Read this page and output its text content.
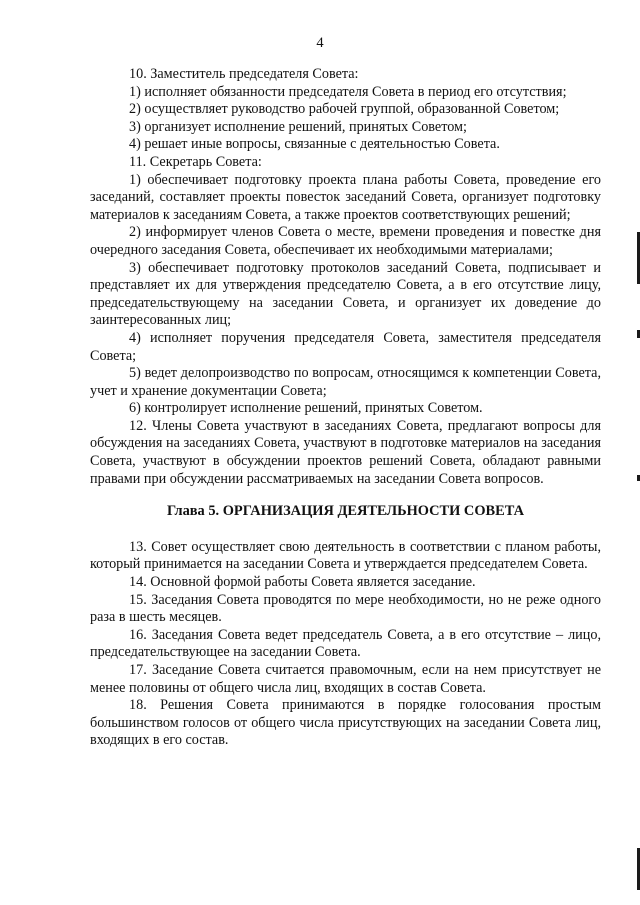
4

10. Заместитель председателя Совета:

1) исполняет обязанности председателя Совета в период его отсутствия;

2) осуществляет руководство рабочей группой, образованной Советом;

3) организует исполнение решений, принятых Советом;

4) решает иные вопросы, связанные с деятельностью Совета.

11. Секретарь Совета:

1) обеспечивает подготовку проекта плана работы Совета, проведение его заседаний, составляет проекты повесток заседаний Совета, организует подготовку материалов к заседаниям Совета, а также проектов соответствующих решений;

2) информирует членов Совета о месте, времени проведения и повестке дня очередного заседания Совета, обеспечивает их необходимыми материалами;

3) обеспечивает подготовку протоколов заседаний Совета, подписывает и представляет их для утверждения председателю Совета, а в его отсутствие лицу, председательствующему на заседании Совета, и организует их доведение до заинтересованных лиц;

4) исполняет поручения председателя Совета, заместителя председателя Совета;

5) ведет делопроизводство по вопросам, относящимся к компетенции Совета, учет и хранение документации Совета;

6) контролирует исполнение решений, принятых Советом.

12. Члены Совета участвуют в заседаниях Совета, предлагают вопросы для обсуждения на заседаниях Совета, участвуют в подготовке материалов на заседания Совета, участвуют в обсуждении проектов решений Совета, обладают равными правами при обсуждении рассматриваемых на заседании Совета вопросов.

Глава 5. ОРГАНИЗАЦИЯ ДЕЯТЕЛЬНОСТИ СОВЕТА

13. Совет осуществляет свою деятельность в соответствии с планом работы, который принимается на заседании Совета и утверждается председателем Совета.

14. Основной формой работы Совета является заседание.

15. Заседания Совета проводятся по мере необходимости, но не реже одного раза в шесть месяцев.

16. Заседания Совета ведет председатель Совета, а в его отсутствие – лицо, председательствующее на заседании Совета.

17. Заседание Совета считается правомочным, если на нем присутствует не менее половины от общего числа лиц, входящих в состав Совета.

18. Решения Совета принимаются в порядке голосования простым большинством голосов от общего числа присутствующих на заседании Совета лиц, входящих в его состав.
